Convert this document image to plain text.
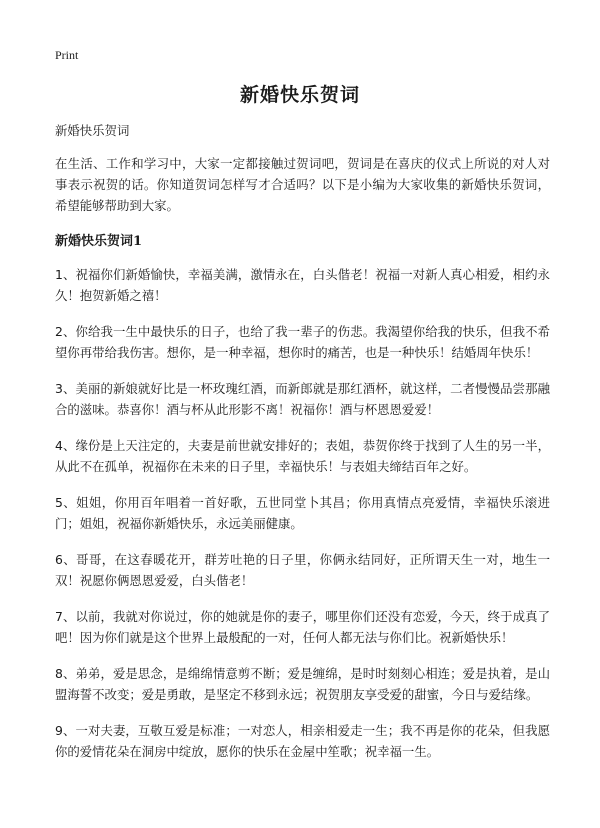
Print
新婚快乐贺词

新婚快乐贺词

在生活、工作和学习中，大家一定都接触过贺词吧，贺词是在喜庆的仪式上所说的对人对事表示祝贺的话。你知道贺词怎样写才合适吗？以下是小编为大家收集的新婚快乐贺词，希望能够帮助到大家。

新婚快乐贺词1

1、祝福你们新婚愉快，幸福美满，激情永在，白头偕老！祝福一对新人真心相爱，相约永久！抱贺新婚之禧！

2、你给我一生中最快乐的日子，也给了我一辈子的伤悲。我渴望你给我的快乐，但我不希望你再带给我伤害。想你，是一种幸福，想你时的痛苦，也是一种快乐！结婚周年快乐！

3、美丽的新娘就好比是一杯玫瑰红酒，而新郎就是那红酒杯，就这样，二者慢慢品尝那融合的滋味。恭喜你！酒与杯从此形影不离！祝福你！酒与杯恩恩爱爱！

4、缘份是上天注定的，夫妻是前世就安排好的；表姐，恭贺你终于找到了人生的另一半，从此不在孤单，祝福你在未来的日子里，幸福快乐！与表姐夫缔结百年之好。

5、姐姐，你用百年唱着一首好歌，五世同堂卜其昌；你用真情点亮爱情，幸福快乐滚进门；姐姐，祝福你新婚快乐，永远美丽健康。

6、哥哥，在这春暖花开，群芳吐艳的日子里，你俩永结同好，正所谓天生一对，地生一双！祝愿你俩恩恩爱爱，白头偕老！

7、以前，我就对你说过，你的她就是你的妻子，哪里你们还没有恋爱，今天，终于成真了吧！因为你们就是这个世界上最般配的一对，任何人都无法与你们比。祝新婚快乐！

8、弟弟，爱是思念，是绵绵情意剪不断；爱是缠绵，是时时刻刻心相连；爱是执着，是山盟海誓不改变；爱是勇敢，是坚定不移到永远；祝贺朋友享受爱的甜蜜，今日与爱结缘。

9、一对夫妻，互敬互爱是标准；一对恋人，相亲相爱走一生；我不再是你的花朵，但我愿你的爱情花朵在洞房中绽放，愿你的快乐在金屋中笙歌；祝幸福一生。
